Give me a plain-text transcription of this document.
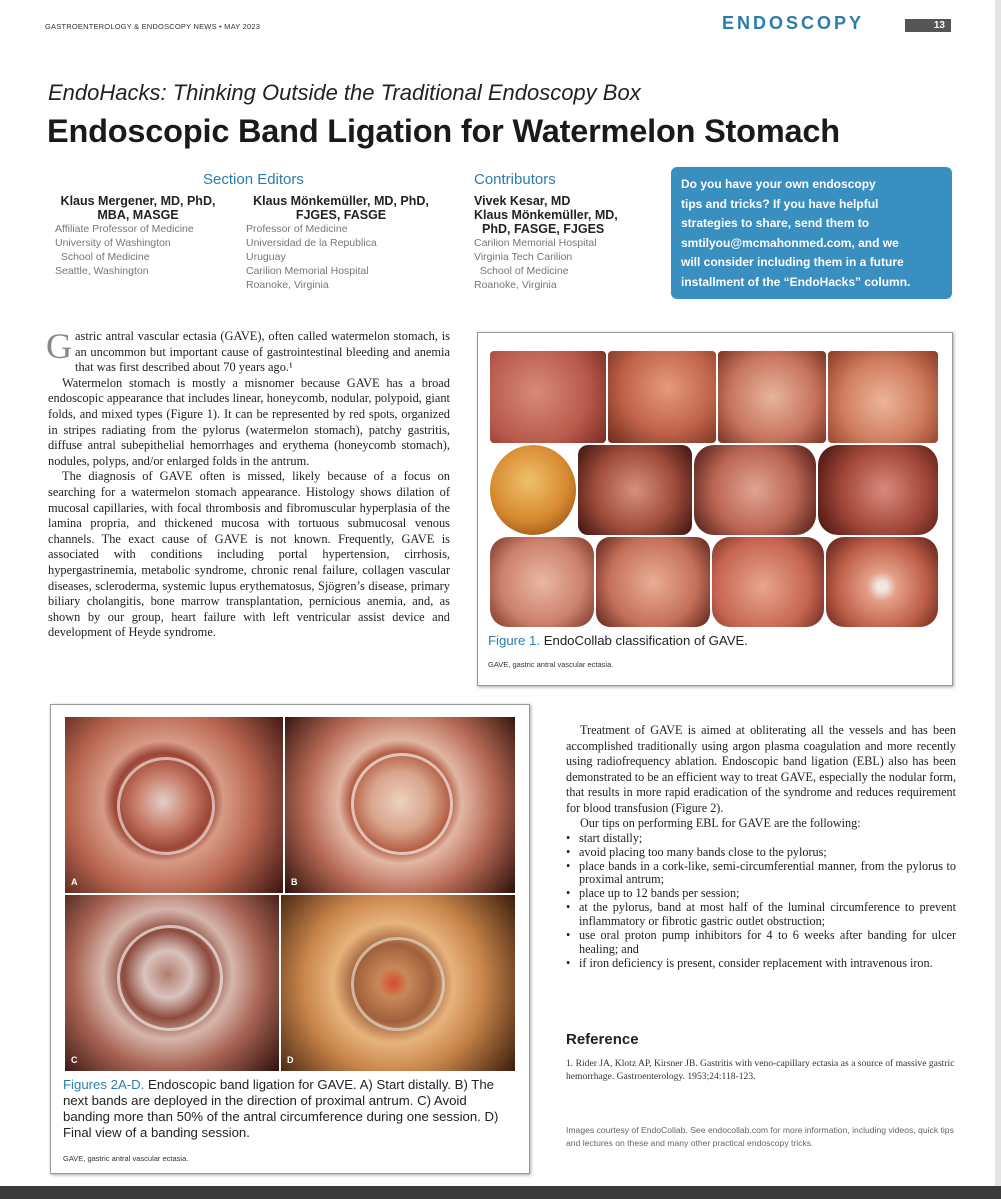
GASTROENTEROLOGY & ENDOSCOPY NEWS • MAY 2023	ENDOSCOPY	13
EndoHacks: Thinking Outside the Traditional Endoscopy Box
Endoscopic Band Ligation for Watermelon Stomach
Section Editors
Klaus Mergener, MD, PhD,
MBA, MASGE
Affiliate Professor of Medicine
University of Washington
School of Medicine
Seattle, Washington
Klaus Mönkemüller, MD, PhD,
FJGES, FASGE
Professor of Medicine
Universidad de la Republica
Uruguay
Carilion Memorial Hospital
Roanoke, Virginia
Contributors
Vivek Kesar, MD
Klaus Mönkemüller, MD,
PhD, FASGE, FJGES
Carilion Memorial Hospital
Virginia Tech Carilion
School of Medicine
Roanoke, Virginia
Do you have your own endoscopy
tips and tricks? If you have helpful
strategies to share, send them to
smtilyou@mcmahonmed.com, and we
will consider including them in a future
installment of the “EndoHacks” column.

Gastric antral vascular ectasia (GAVE), often called watermelon stomach, is an uncommon but important cause of gastrointestinal bleeding and anemia that was first described about 70 years ago.¹

Watermelon stomach is mostly a misnomer because GAVE has a broad endoscopic appearance that includes linear, honeycomb, nodular, polypoid, giant folds, and mixed types (Figure 1). It can be represented by red spots, organized in stripes radiating from the pylorus (watermelon stomach), patchy gastritis, diffuse antral subepithelial hemorrhages and erythema (honeycomb stomach), nodules, polyps, and/or enlarged folds in the antrum.

The diagnosis of GAVE often is missed, likely because of a focus on searching for a watermelon stomach appearance. Histology shows dilation of mucosal capillaries, with focal thrombosis and fibromuscular hyperplasia of the lamina propria, and thickened mucosa with tortuous submucosal venous channels. The exact cause of GAVE is not known. Frequently, GAVE is associated with conditions including portal hypertension, cirrhosis, hypergastrinemia, metabolic syndrome, chronic renal failure, collagen vascular diseases, scleroderma, systemic lupus erythematosus, Sjögren’s disease, primary biliary cholangitis, bone marrow transplantation, pernicious anemia, and, as shown by our group, heart failure with left ventricular assist device and development of Heyde syndrome.

Figure 1. EndoCollab classification of GAVE.
GAVE, gastric antral vascular ectasia.
A	B
C	D
Figures 2A-D. Endoscopic band ligation for GAVE. A) Start distally. B) The next bands are deployed in the direction of proximal antrum. C) Avoid banding more than 50% of the antral circumference during one session. D) Final view of a banding session.
GAVE, gastric antral vascular ectasia.

Treatment of GAVE is aimed at obliterating all the vessels and has been accomplished traditionally using argon plasma coagulation and more recently using radiofrequency ablation. Endoscopic band ligation (EBL) also has been demonstrated to be an efficient way to treat GAVE, especially the nodular form, that results in more rapid eradication of the syndrome and reduces requirement for blood transfusion (Figure 2).

Our tips on performing EBL for GAVE are the following:

• start distally;
• avoid placing too many bands close to the pylorus;
• place bands in a cork-like, semi-circumferential manner, from the pylorus to proximal antrum;
• place up to 12 bands per session;
• at the pylorus, band at most half of the luminal circumference to prevent inflammatory or fibrotic gastric outlet obstruction;
• use oral proton pump inhibitors for 4 to 6 weeks after banding for ulcer healing; and
• if iron deficiency is present, consider replacement with intravenous iron.
Reference
1. Rider JA, Klotz AP, Kirsner JB. Gastritis with veno-capillary ectasia as a source of massive gastric hemorrhage. Gastroenterology. 1953;24:118-123.
Images courtesy of EndoCollab. See endocollab.com for more information, including videos, quick tips and lectures on these and many other practical endoscopy tricks.
